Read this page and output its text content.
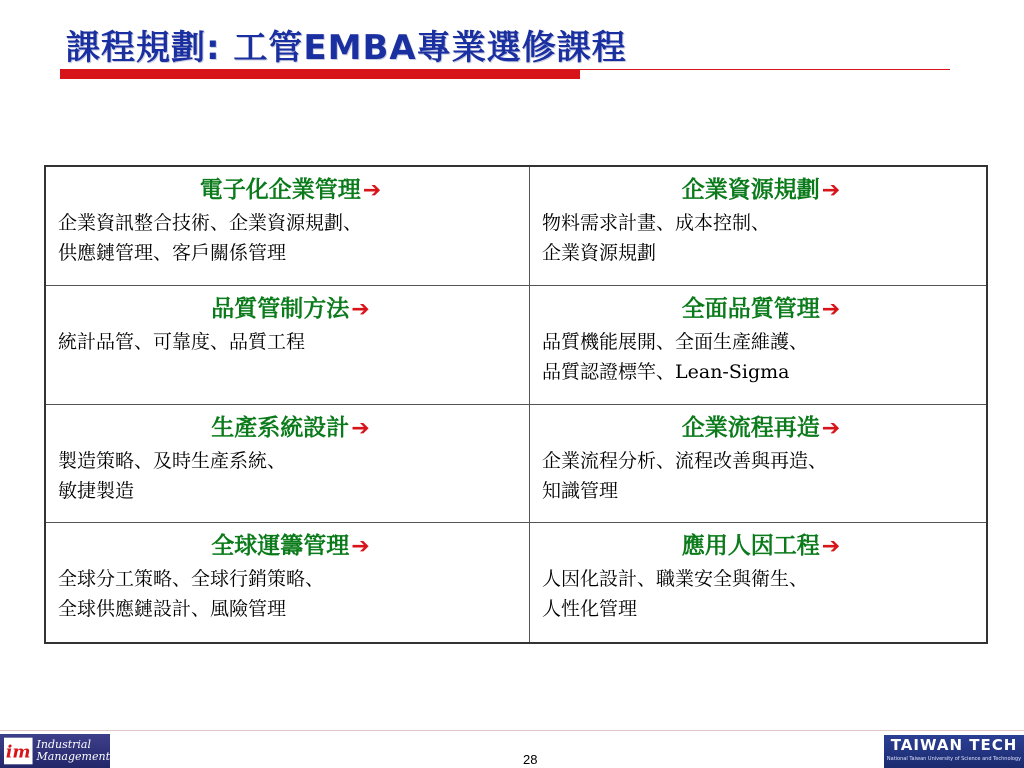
課程規劃: 工管EMBA專業選修課程
電子化企業管理➔
企業資訊整合技術、企業資源規劃、
供應鏈管理、客戶關係管理
企業資源規劃➔
物料需求計畫、成本控制、
企業資源規劃
品質管制方法➔
統計品管、可靠度、品質工程
全面品質管理➔
品質機能展開、全面生產維護、
品質認證標竿、Lean-Sigma
生產系統設計➔
製造策略、及時生產系統、
敏捷製造
企業流程再造➔
企業流程分析、流程改善與再造、
知識管理
全球運籌管理➔
全球分工策略、全球行銷策略、
全球供應鏈設計、風險管理
應用人因工程➔
人因化設計、職業安全與衛生、
人性化管理
im Industrial
Management	28
TAIWAN TECH
National Taiwan University of Science and Technology
